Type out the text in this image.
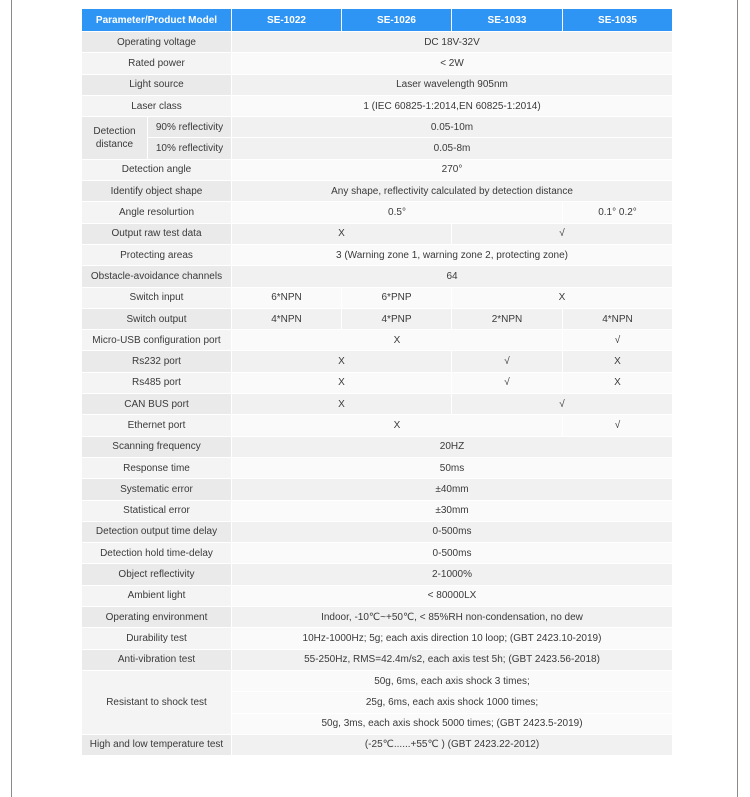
Parameter/Product Model		SE-1022	SE-1026	SE-1033	SE-1035
Operating voltage		DC 18V-32V			
Rated power		< 2W			
Light source		Laser wavelength 905nm			
Laser class		1 (IEC 60825-1:2014,EN 60825-1:2014)			
Detection distance	90% reflectivity	0.05-10m			
	10% reflectivity	0.05-8m			
Detection angle		270°			
Identify object shape		Any shape, reflectivity calculated by detection distance			
Angle resolurtion		0.5°			0.1° 0.2°
Output raw test data		X		√	
Protecting areas		3 (Warning zone 1, warning zone 2, protecting zone)			
Obstacle-avoidance channels		64			
Switch input		6*NPN	6*PNP	X	
Switch output		4*NPN	4*PNP	2*NPN	4*NPN
Micro-USB configuration port		X			√
Rs232 port		X		√	X
Rs485 port		X		√	X
CAN BUS port		X		√	
Ethernet port		X			√
Scanning frequency		20HZ			
Response time		50ms			
Systematic error		±40mm			
Statistical error		±30mm			
Detection output time delay		0-500ms			
Detection hold time-delay		0-500ms			
Object reflectivity		2-1000%			
Ambient light		< 80000LX			
Operating environment		Indoor, -10℃~+50℃, < 85%RH non-condensation, no dew			
Durability test		10Hz-1000Hz; 5g; each axis direction 10 loop; (GBT 2423.10-2019)			
Anti-vibration test		55-250Hz, RMS=42.4m/s2, each axis test 5h; (GBT 2423.56-2018)			
Resistant to shock test		50g, 6ms, each axis shock 3 times;			
		25g, 6ms, each axis shock 1000 times;			
		50g, 3ms, each axis shock 5000 times; (GBT 2423.5-2019)			
High and low temperature test		(-25℃......+55℃ ) (GBT 2423.22-2012)			
